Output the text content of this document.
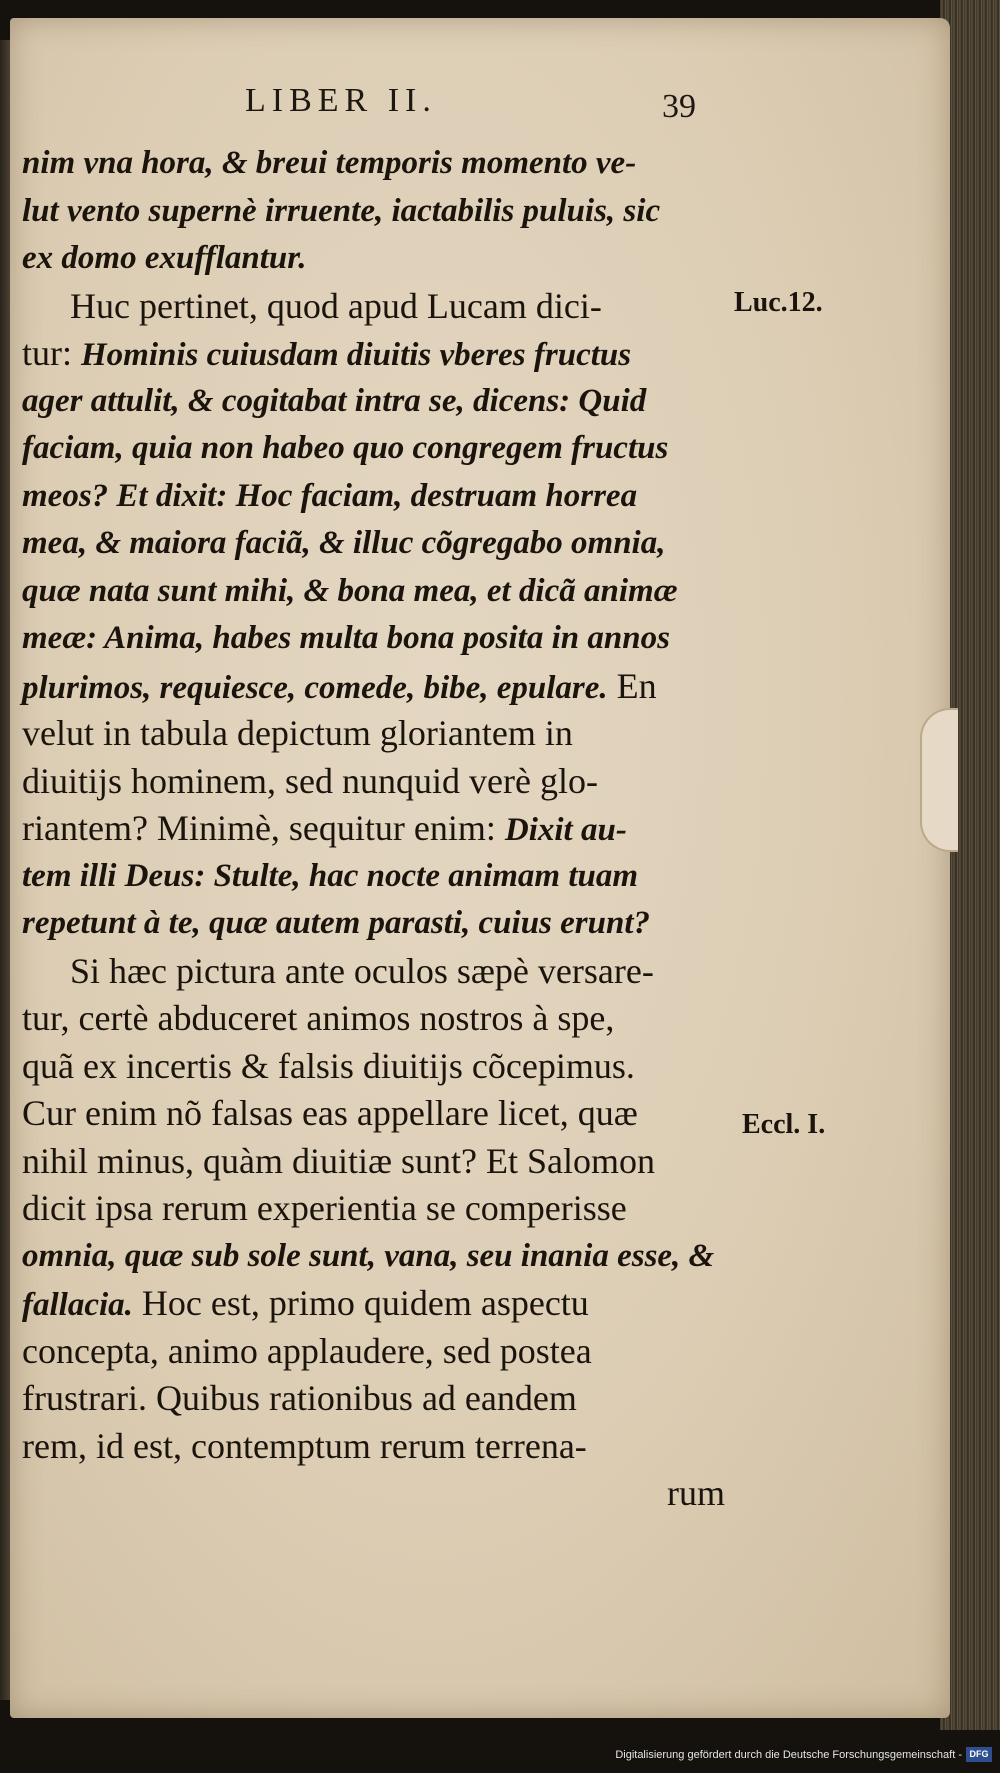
LIBER II.	39
Luc.12.
Eccl. I.
nim vna hora, & breui temporis momento ve-
lut vento supernè irruente, iactabilis puluis, sic
ex domo exufflantur.
Huc pertinet, quod apud Lucam dici-
tur: Hominis cuiusdam diuitis vberes fructus
ager attulit, & cogitabat intra se, dicens: Quid
faciam, quia non habeo quo congregem fructus
meos? Et dixit: Hoc faciam, destruam horrea
mea, & maiora faciã, & illuc cõgregabo omnia,
quæ nata sunt mihi, & bona mea, et dicã animæ
meæ: Anima, habes multa bona posita in annos
plurimos, requiesce, comede, bibe, epulare. En
velut in tabula depictum gloriantem in
diuitijs hominem, sed nunquid verè glo-
riantem? Minimè, sequitur enim: Dixit au-
tem illi Deus: Stulte, hac nocte animam tuam
repetunt à te, quæ autem parasti, cuius erunt?
Si hæc pictura ante oculos sæpè versare-
tur, certè abduceret animos nostros à spe,
quã ex incertis & falsis diuitijs cõcepimus.
Cur enim nõ falsas eas appellare licet, quæ
nihil minus, quàm diuitiæ sunt? Et Salomon
dicit ipsa rerum experientia se comperisse
omnia, quæ sub sole sunt, vana, seu inania esse, &
fallacia. Hoc est, primo quidem aspectu
concepta, animo applaudere, sed postea
frustrari. Quibus rationibus ad eandem
rem, id est, contemptum rerum terrena-
rum
Digitalisierung gefördert durch die Deutsche Forschungsgemeinschaft - DFG
